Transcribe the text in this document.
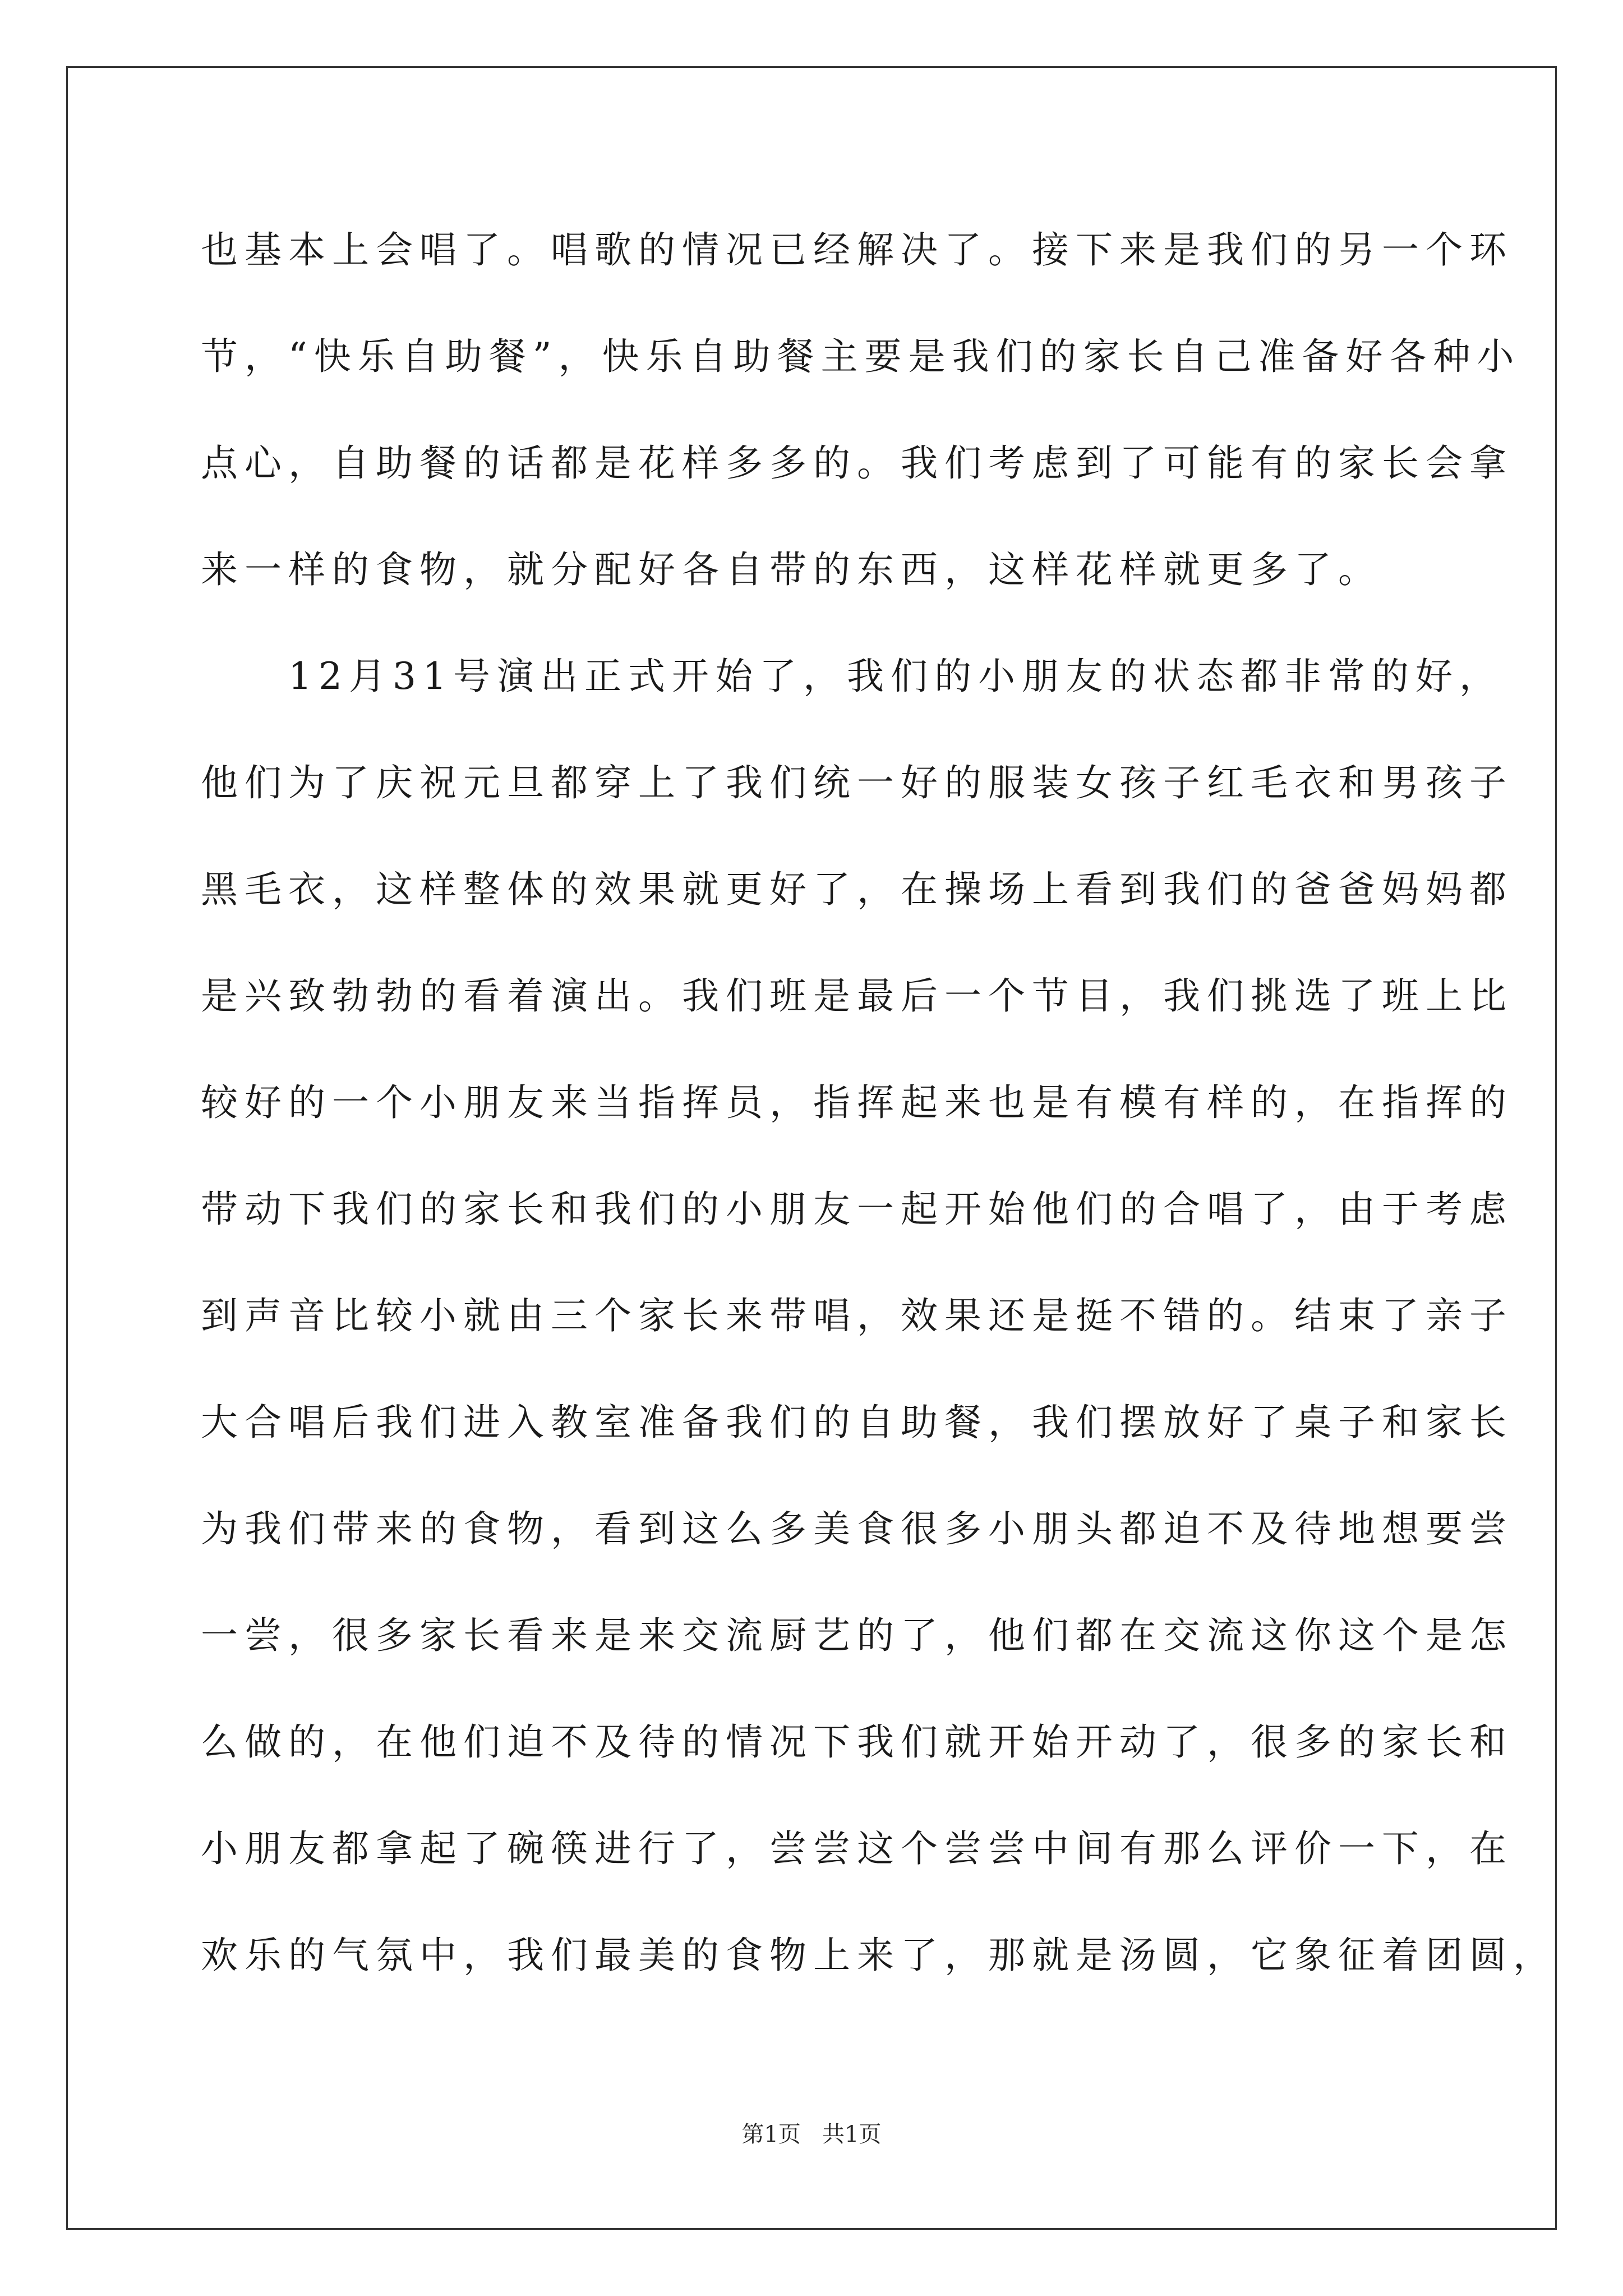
也基本上会唱了。唱歌的情况已经解决了。接下来是我们的另一个环
节，“快乐自助餐”，快乐自助餐主要是我们的家长自己准备好各种小
点心，自助餐的话都是花样多多的。我们考虑到了可能有的家长会拿
来一样的食物，就分配好各自带的东西，这样花样就更多了。
　　12月31号演出正式开始了，我们的小朋友的状态都非常的好，
他们为了庆祝元旦都穿上了我们统一好的服装女孩子红毛衣和男孩子
黑毛衣，这样整体的效果就更好了，在操场上看到我们的爸爸妈妈都
是兴致勃勃的看着演出。我们班是最后一个节目，我们挑选了班上比
较好的一个小朋友来当指挥员，指挥起来也是有模有样的，在指挥的
带动下我们的家长和我们的小朋友一起开始他们的合唱了，由于考虑
到声音比较小就由三个家长来带唱，效果还是挺不错的。结束了亲子
大合唱后我们进入教室准备我们的自助餐，我们摆放好了桌子和家长
为我们带来的食物，看到这么多美食很多小朋头都迫不及待地想要尝
一尝，很多家长看来是来交流厨艺的了，他们都在交流这你这个是怎
么做的，在他们迫不及待的情况下我们就开始开动了，很多的家长和
小朋友都拿起了碗筷进行了，尝尝这个尝尝中间有那么评价一下，在
欢乐的气氛中，我们最美的食物上来了，那就是汤圆，它象征着团圆，
第1页   共1页
